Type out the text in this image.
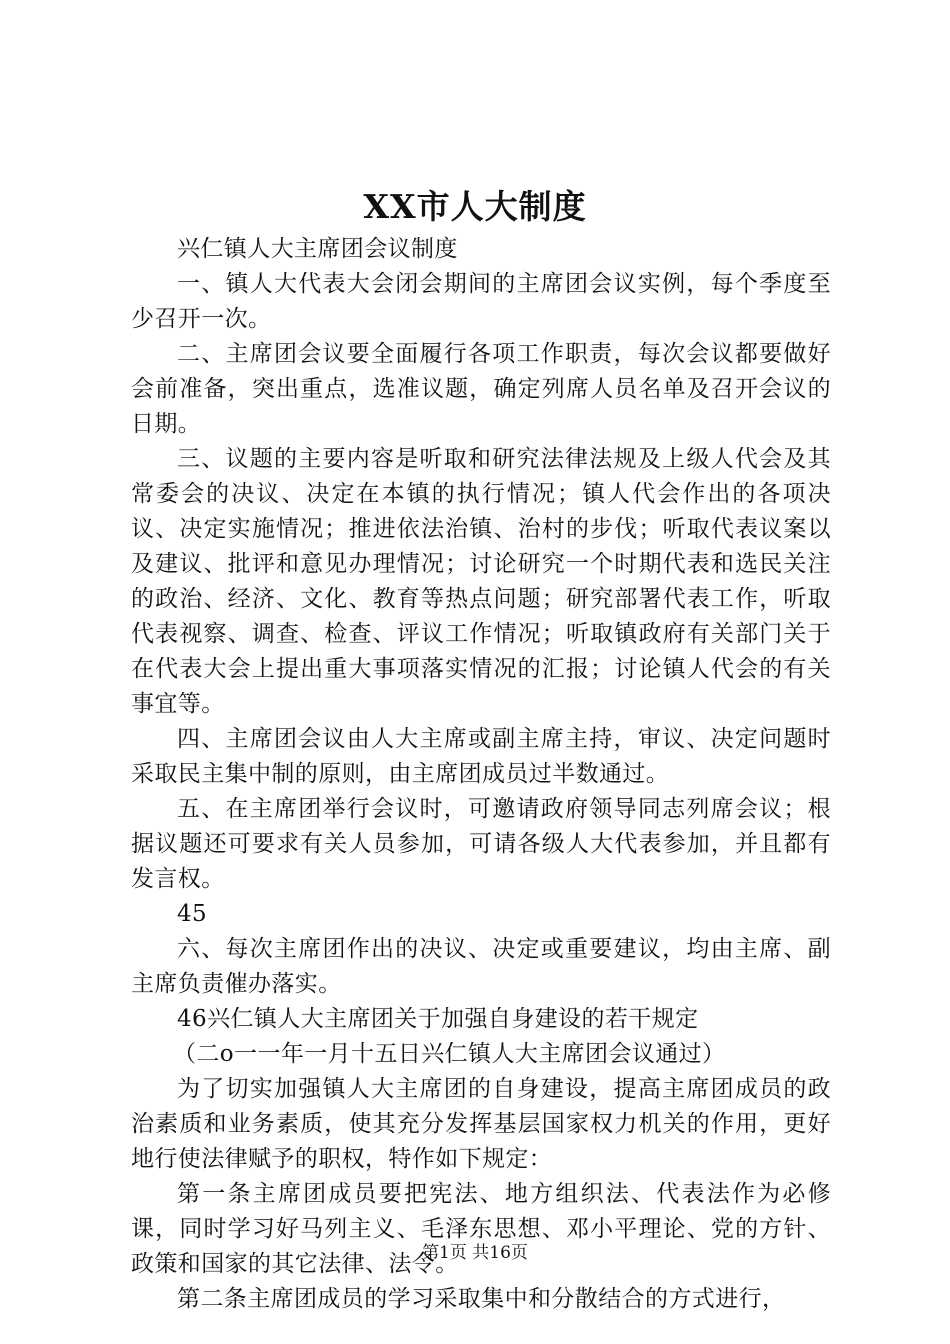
XX市人大制度

兴仁镇人大主席团会议制度

一、镇人大代表大会闭会期间的主席团会议实例，每个季度至少召开一次。

二、主席团会议要全面履行各项工作职责，每次会议都要做好会前准备，突出重点，选准议题，确定列席人员名单及召开会议的日期。

三、议题的主要内容是听取和研究法律法规及上级人代会及其常委会的决议、决定在本镇的执行情况；镇人代会作出的各项决议、决定实施情况；推进依法治镇、治村的步伐；听取代表议案以及建议、批评和意见办理情况；讨论研究一个时期代表和选民关注的政治、经济、文化、教育等热点问题；研究部署代表工作，听取代表视察、调查、检查、评议工作情况；听取镇政府有关部门关于在代表大会上提出重大事项落实情况的汇报；讨论镇人代会的有关事宜等。

四、主席团会议由人大主席或副主席主持，审议、决定问题时采取民主集中制的原则，由主席团成员过半数通过。

五、在主席团举行会议时，可邀请政府领导同志列席会议；根据议题还可要求有关人员参加，可请各级人大代表参加，并且都有发言权。

45

六、每次主席团作出的决议、决定或重要建议，均由主席、副主席负责催办落实。

46兴仁镇人大主席团关于加强自身建设的若干规定

（二o一一年一月十五日兴仁镇人大主席团会议通过）

为了切实加强镇人大主席团的自身建设，提高主席团成员的政治素质和业务素质，使其充分发挥基层国家权力机关的作用，更好地行使法律赋予的职权，特作如下规定：

第一条主席团成员要把宪法、地方组织法、代表法作为必修课，同时学习好马列主义、毛泽东思想、邓小平理论、党的方针、政策和国家的其它法律、法令。

第二条主席团成员的学习采取集中和分散结合的方式进行，

第1页 共16页
